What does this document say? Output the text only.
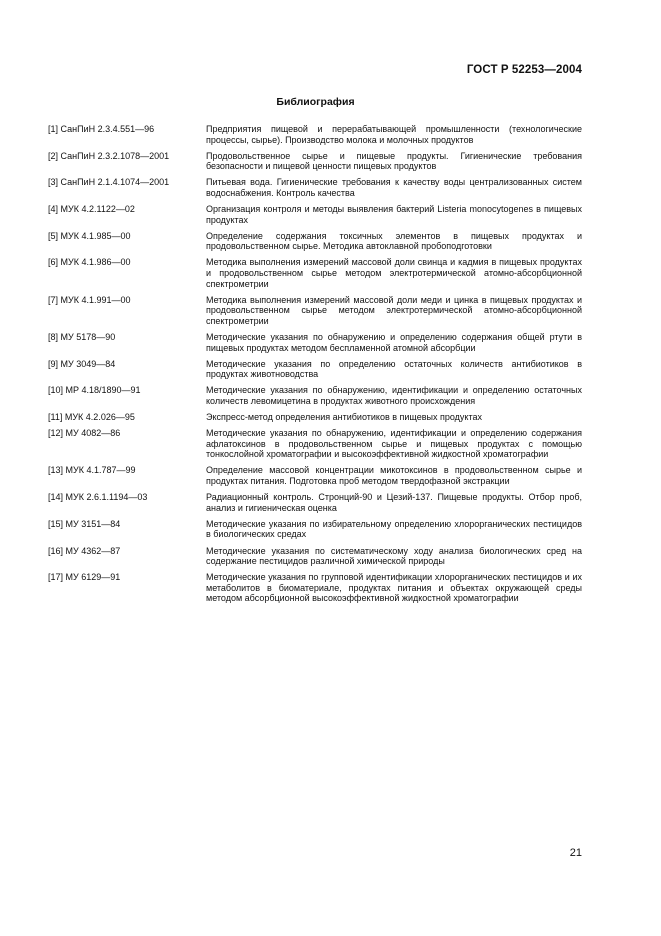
ГОСТ Р 52253—2004
Библиография
[1] СанПиН 2.3.4.551—96	Предприятия пищевой и перерабатывающей промышленности (технологические процессы, сырье). Производство молока и молочных продуктов
[2] СанПиН 2.3.2.1078—2001	Продовольственное сырье и пищевые продукты. Гигиенические требования безопасности и пищевой ценности пищевых продуктов
[3] СанПиН 2.1.4.1074—2001	Питьевая вода. Гигиенические требования к качеству воды централизованных систем водоснабжения. Контроль качества
[4] МУК 4.2.1122—02	Организация контроля и методы выявления бактерий Listeria monocytogenes в пищевых продуктах
[5] МУК 4.1.985—00	Определение содержания токсичных элементов в пищевых продуктах и продовольственном сырье. Методика автоклавной пробоподготовки
[6] МУК 4.1.986—00	Методика выполнения измерений массовой доли свинца и кадмия в пищевых продуктах и продовольственном сырье методом электротермической атомно-абсорбционной спектрометрии
[7] МУК 4.1.991—00	Методика выполнения измерений массовой доли меди и цинка в пищевых продуктах и продовольственном сырье методом электротермической атомно-абсорбционной спектрометрии
[8] МУ 5178—90	Методические указания по обнаружению и определению содержания общей ртути в пищевых продуктах методом беспламенной атомной абсорбции
[9] МУ 3049—84	Методические указания по определению остаточных количеств антибиотиков в продуктах животноводства
[10] МР 4.18/1890—91	Методические указания по обнаружению, идентификации и определению остаточных количеств левомицетина в продуктах животного происхождения
[11] МУК 4.2.026—95	Экспресс-метод определения антибиотиков в пищевых продуктах
[12] МУ 4082—86	Методические указания по обнаружению, идентификации и определению содержания афлатоксинов в продовольственном сырье и пищевых продуктах с помощью тонкослойной хроматографии и высокоэффективной жидкостной хроматографии
[13] МУК 4.1.787—99	Определение массовой концентрации микотоксинов в продовольственном сырье и продуктах питания. Подготовка проб методом твердофазной экстракции
[14] МУК 2.6.1.1194—03	Радиационный контроль. Стронций-90 и Цезий-137. Пищевые продукты. Отбор проб, анализ и гигиеническая оценка
[15] МУ 3151—84	Методические указания по избирательному определению хлорорганических пестицидов в биологических средах
[16] МУ 4362—87	Методические указания по систематическому ходу анализа биологических сред на содержание пестицидов различной химической природы
[17] МУ 6129—91	Методические указания по групповой идентификации хлорорганических пестицидов и их метаболитов в биоматериале, продуктах питания и объектах окружающей среды методом абсорбционной высокоэффективной жидкостной хроматографии
21
